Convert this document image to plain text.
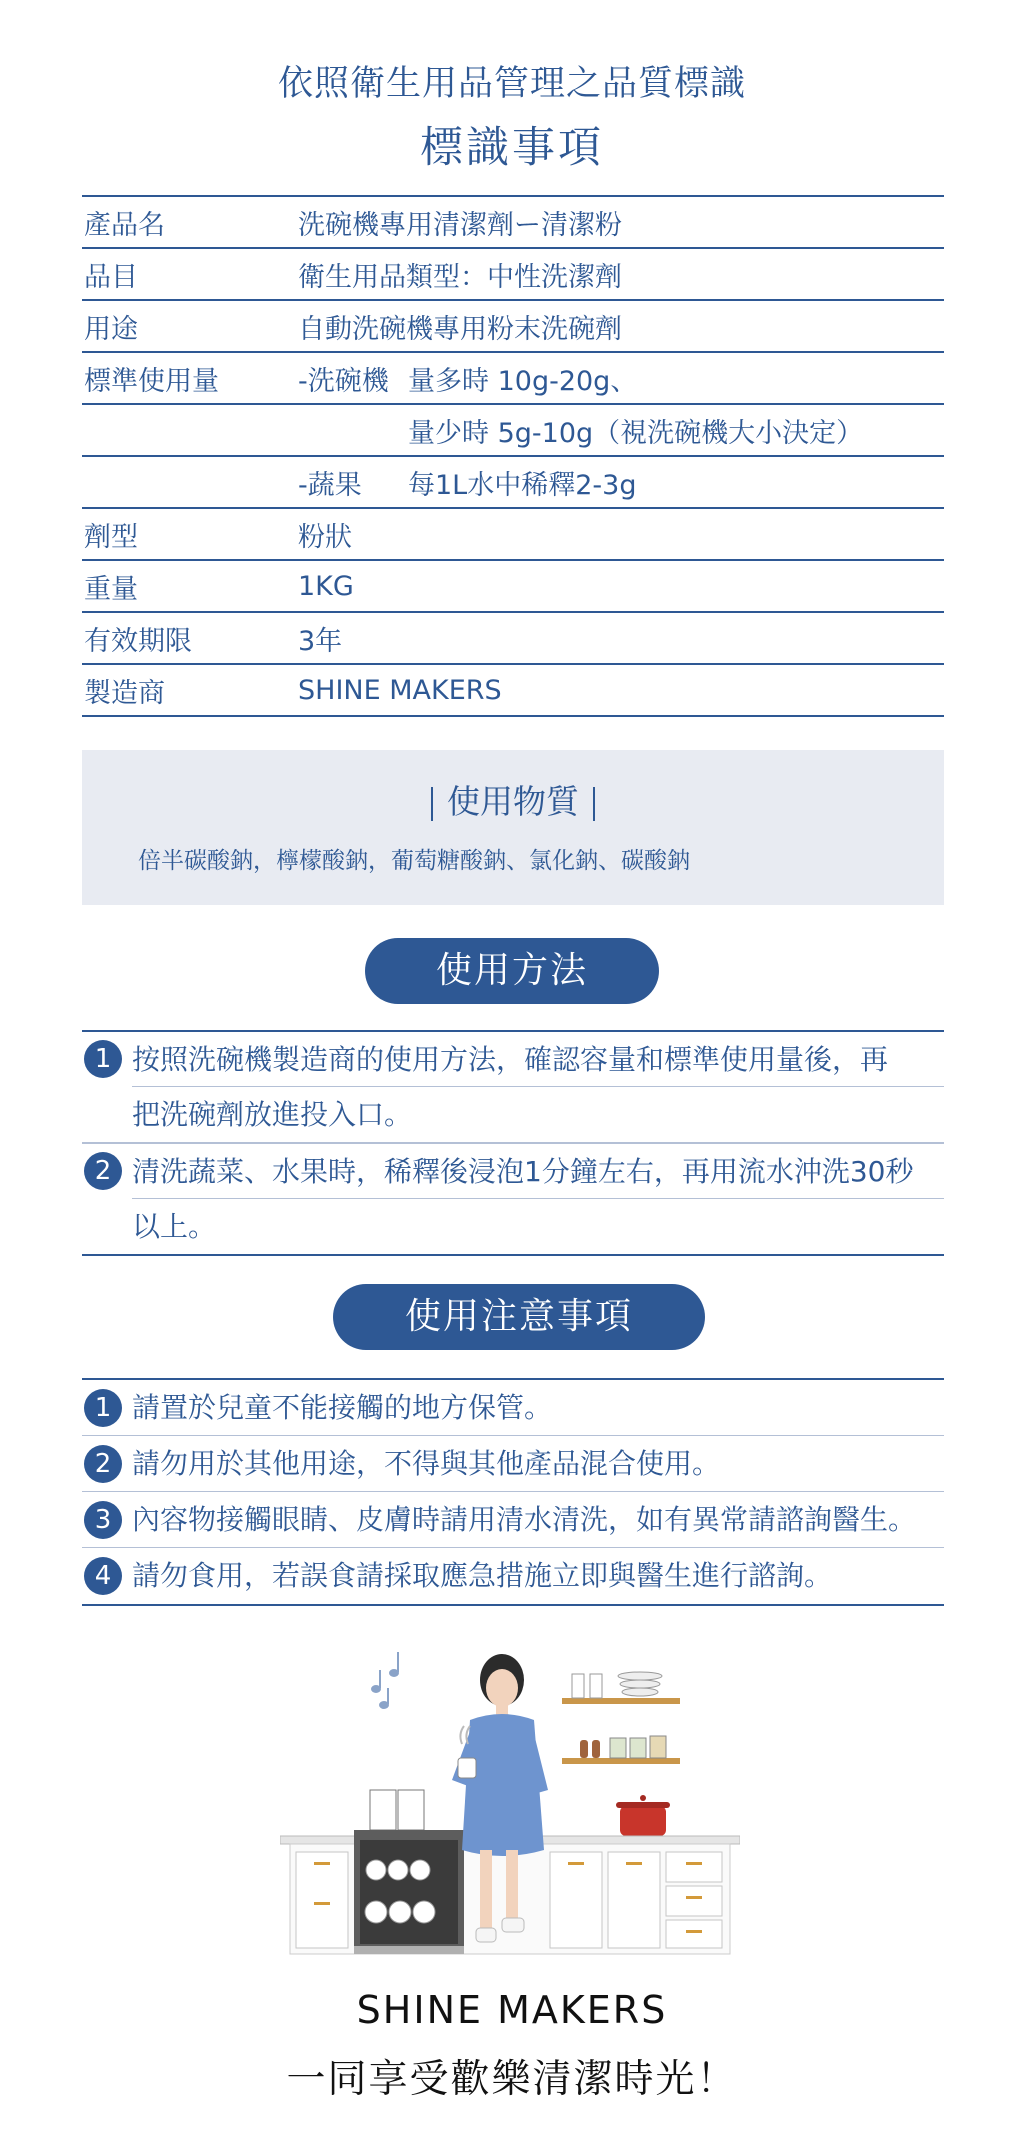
依照衛生用品管理之品質標識
標識事項
產品名	洗碗機專用清潔劑ー清潔粉
品目	衛生用品類型：中性洗潔劑
用途	自動洗碗機專用粉末洗碗劑
標準使用量	-洗碗機 量多時 10g-20g、
量少時 5g-10g（視洗碗機大小決定）
-蔬果 每1L水中稀釋2-3g
劑型	粉狀
重量	1KG
有效期限	3年
製造商	SHINE MAKERS
使用物質
倍半碳酸鈉，檸檬酸鈉，葡萄糖酸鈉、氯化鈉、碳酸鈉
使用方法
1 按照洗碗機製造商的使用方法，確認容量和標準使用量後，再
把洗碗劑放進投入口。
2 清洗蔬菜、水果時，稀釋後浸泡1分鐘左右，再用流水沖洗30秒
以上。
使用注意事項
1 請置於兒童不能接觸的地方保管。
2 請勿用於其他用途，不得與其他產品混合使用。
3 內容物接觸眼睛、皮膚時請用清水清洗，如有異常請諮詢醫生。
4 請勿食用，若誤食請採取應急措施立即與醫生進行諮詢。
SHINE MAKERS
一同享受歡樂清潔時光！
